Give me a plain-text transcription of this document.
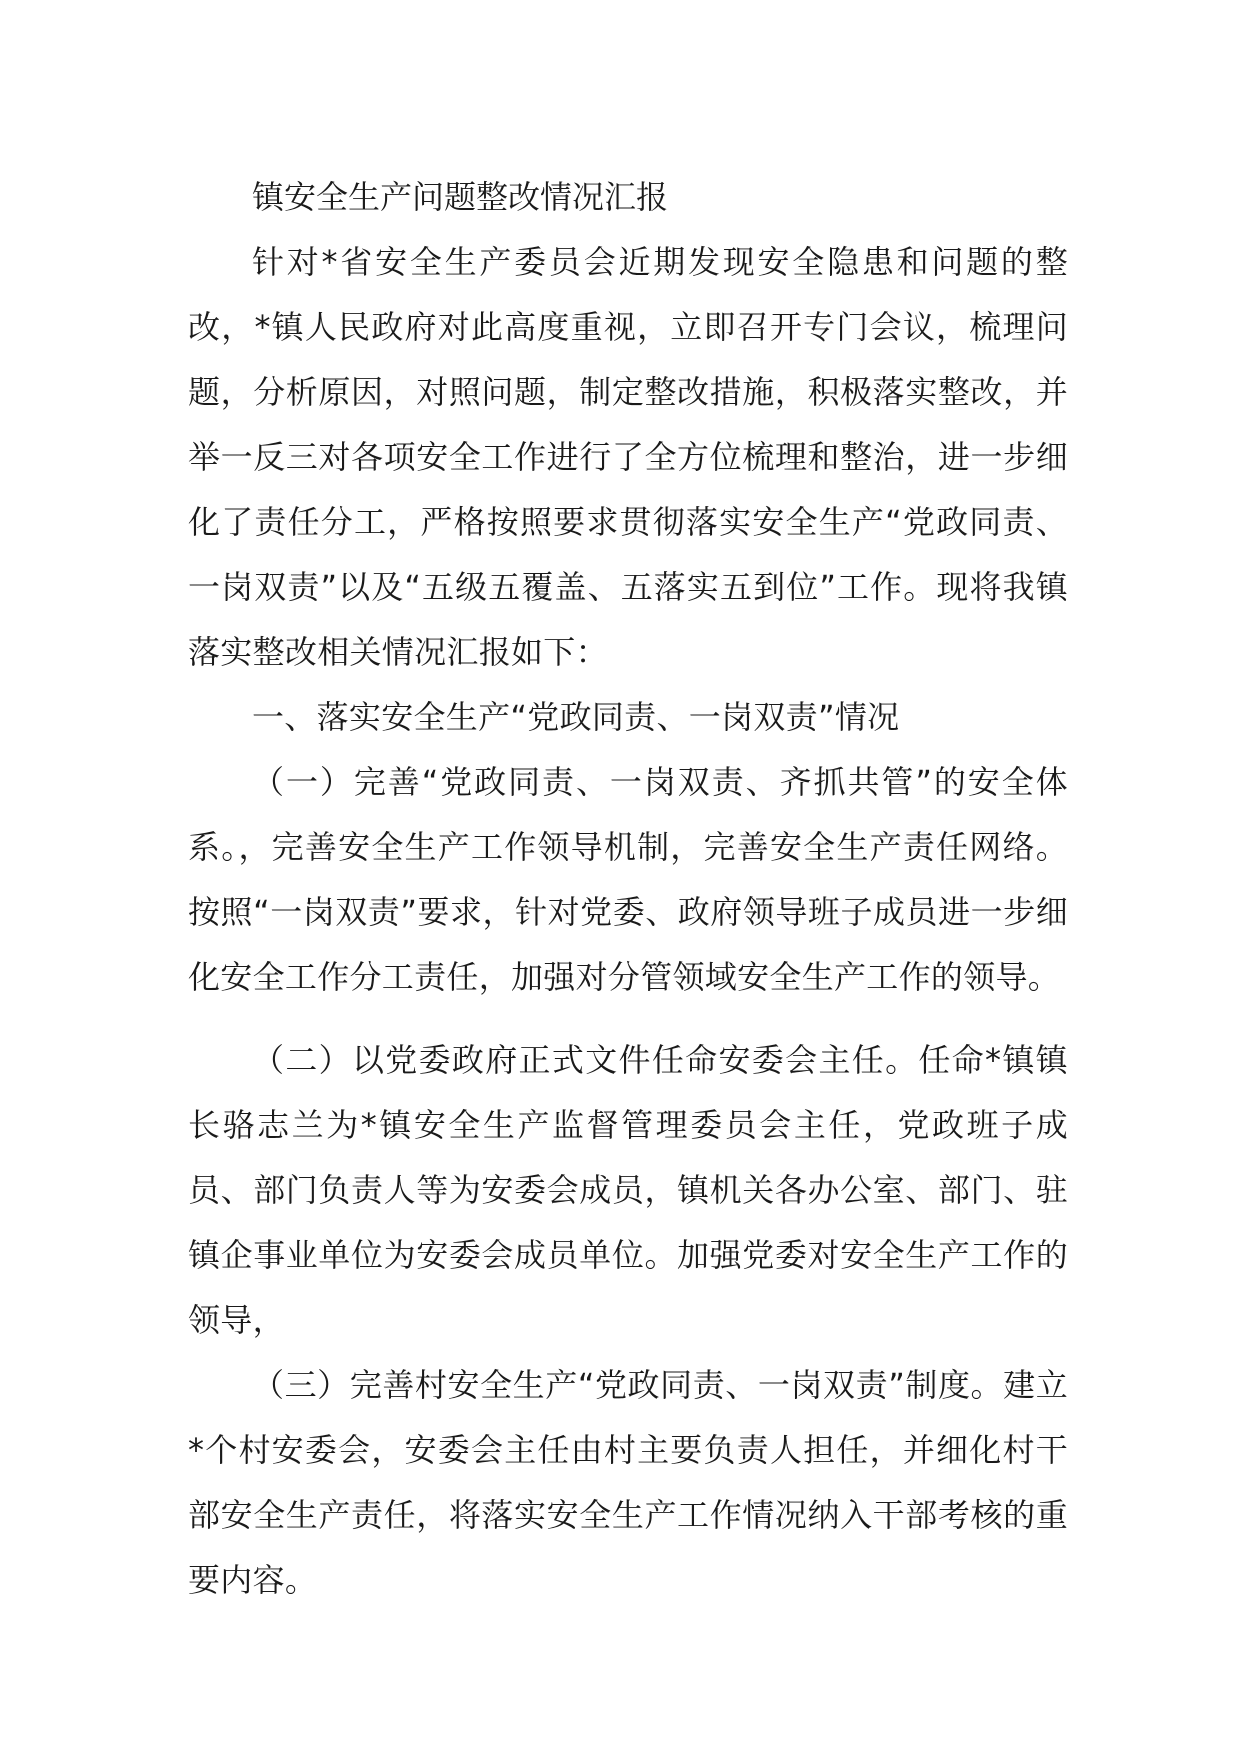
镇安全生产问题整改情况汇报

针对*省安全生产委员会近期发现安全隐患和问题的整改，*镇人民政府对此高度重视，立即召开专门会议，梳理问题，分析原因，对照问题，制定整改措施，积极落实整改，并举一反三对各项安全工作进行了全方位梳理和整治，进一步细化了责任分工，严格按照要求贯彻落实安全生产“党政同责、一岗双责”以及“五级五覆盖、五落实五到位”工作。现将我镇落实整改相关情况汇报如下：

一、落实安全生产“党政同责、一岗双责”情况

（一）完善“党政同责、一岗双责、齐抓共管”的安全体系。，完善安全生产工作领导机制，完善安全生产责任网络。按照“一岗双责”要求，针对党委、政府领导班子成员进一步细化安全工作分工责任，加强对分管领域安全生产工作的领导。

（二）以党委政府正式文件任命安委会主任。任命*镇镇长骆志兰为*镇安全生产监督管理委员会主任，党政班子成员、部门负责人等为安委会成员，镇机关各办公室、部门、驻镇企事业单位为安委会成员单位。加强党委对安全生产工作的领导，

（三）完善村安全生产“党政同责、一岗双责”制度。建立*个村安委会，安委会主任由村主要负责人担任，并细化村干部安全生产责任，将落实安全生产工作情况纳入干部考核的重要内容。
